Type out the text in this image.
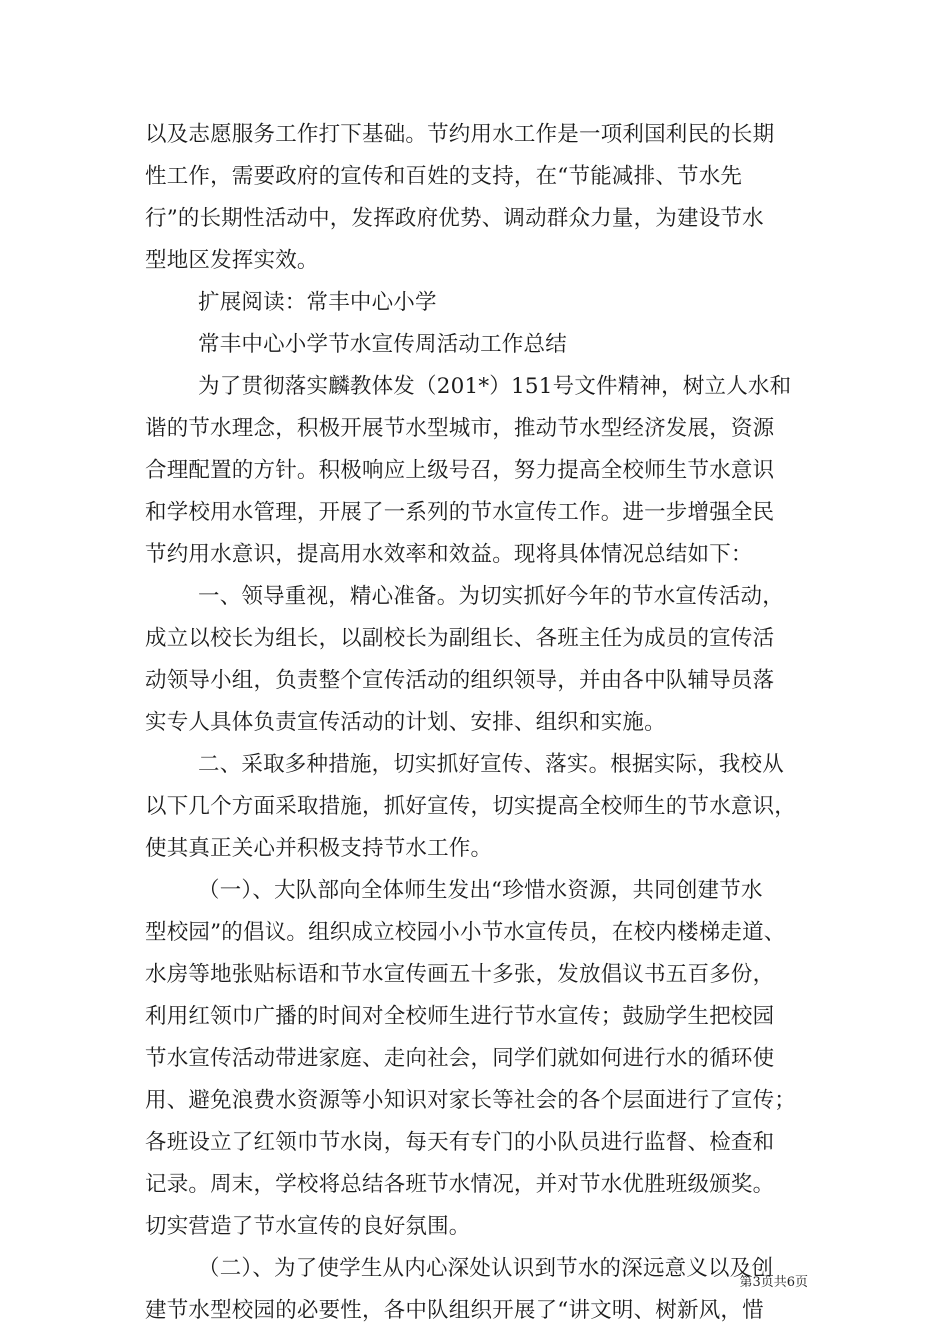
以及志愿服务工作打下基础。节约用水工作是一项利国利民的长期
性工作，需要政府的宣传和百姓的支持，在“节能减排、节水先
行”的长期性活动中，发挥政府优势、调动群众力量，为建设节水
型地区发挥实效。
扩展阅读：常丰中心小学
常丰中心小学节水宣传周活动工作总结
为了贯彻落实麟教体发（201*）151号文件精神，树立人水和
谐的节水理念，积极开展节水型城市，推动节水型经济发展，资源
合理配置的方针。积极响应上级号召，努力提高全校师生节水意识
和学校用水管理，开展了一系列的节水宣传工作。进一步增强全民
节约用水意识，提高用水效率和效益。现将具体情况总结如下：
一、领导重视，精心准备。为切实抓好今年的节水宣传活动，
成立以校长为组长，以副校长为副组长、各班主任为成员的宣传活
动领导小组，负责整个宣传活动的组织领导，并由各中队辅导员落
实专人具体负责宣传活动的计划、安排、组织和实施。
二、采取多种措施，切实抓好宣传、落实。根据实际，我校从
以下几个方面采取措施，抓好宣传，切实提高全校师生的节水意识，
使其真正关心并积极支持节水工作。
（一）、大队部向全体师生发出“珍惜水资源，共同创建节水
型校园”的倡议。组织成立校园小小节水宣传员，在校内楼梯走道、
水房等地张贴标语和节水宣传画五十多张，发放倡议书五百多份，
利用红领巾广播的时间对全校师生进行节水宣传；鼓励学生把校园
节水宣传活动带进家庭、走向社会，同学们就如何进行水的循环使
用、避免浪费水资源等小知识对家长等社会的各个层面进行了宣传；
各班设立了红领巾节水岗，每天有专门的小队员进行监督、检查和
记录。周末，学校将总结各班节水情况，并对节水优胜班级颁奖。
切实营造了节水宣传的良好氛围。
（二）、为了使学生从内心深处认识到节水的深远意义以及创
建节水型校园的必要性，各中队组织开展了“讲文明、树新风，惜
第3页共6页
